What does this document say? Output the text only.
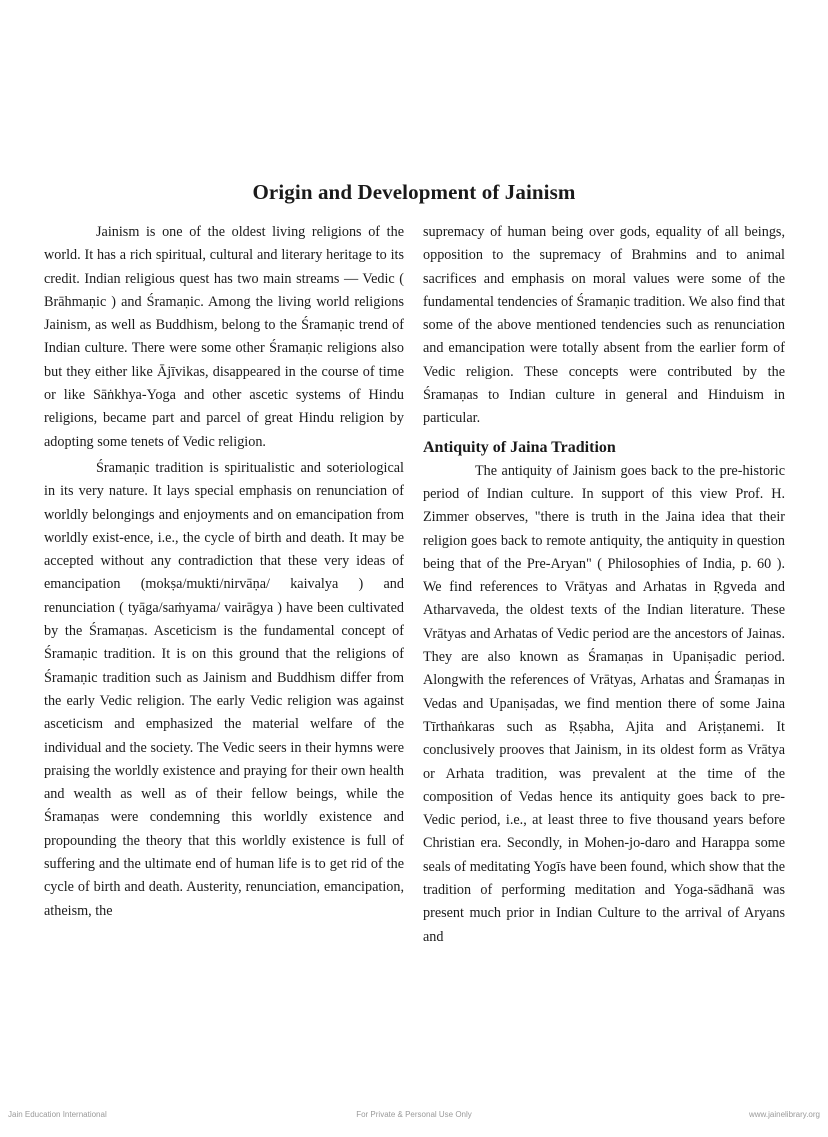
Origin and Development of Jainism

Jainism is one of the oldest living religions of the world. It has a rich spiritual, cultural and literary heritage to its credit. Indian religious quest has two main streams — Vedic ( Brāhmaṇic ) and Śramaṇic. Among the living world religions Jainism, as well as Buddhism, belong to the Śramaṇic trend of Indian culture. There were some other Śramaṇic religions also but they either like Ājīvikas, disappeared in the course of time or like Sāṅkhya-Yoga and other ascetic systems of Hindu religions, became part and parcel of great Hindu religion by adopting some tenets of Vedic religion.

Śramaṇic tradition is spiritualistic and soteriological in its very nature. It lays special emphasis on renunciation of worldly belongings and enjoyments and on emancipation from worldly exist-ence, i.e., the cycle of birth and death. It may be accepted without any contradiction that these very ideas of emancipation (mokṣa/mukti/nirvāṇa/ kaivalya ) and renunciation ( tyāga/saṁyama/ vairāgya ) have been cultivated by the Śramaṇas. Asceticism is the fundamental concept of Śramaṇic tradition. It is on this ground that the religions of Śramaṇic tradition such as Jainism and Buddhism differ from the early Vedic religion. The early Vedic religion was against asceticism and emphasized the material welfare of the individual and the society. The Vedic seers in their hymns were praising the worldly existence and praying for their own health and wealth as well as of their fellow beings, while the Śramaṇas were condemning this worldly existence and propounding the theory that this worldly existence is full of suffering and the ultimate end of human life is to get rid of the cycle of birth and death. Austerity, renunciation, emancipation, atheism, the

supremacy of human being over gods, equality of all beings, opposition to the supremacy of Brahmins and to animal sacrifices and emphasis on moral values were some of the fundamental tendencies of Śramaṇic tradition. We also find that some of the above mentioned tendencies such as renunciation and emancipation were totally absent from the earlier form of Vedic religion. These concepts were contributed by the Śramaṇas to Indian culture in general and Hinduism in particular.

Antiquity of Jaina Tradition

The antiquity of Jainism goes back to the pre-historic period of Indian culture. In support of this view Prof. H. Zimmer observes, "there is truth in the Jaina idea that their religion goes back to remote antiquity, the antiquity in question being that of the Pre-Aryan" ( Philosophies of India, p. 60 ). We find references to Vrātyas and Arhatas in Ṛgveda and Atharvaveda, the oldest texts of the Indian literature. These Vrātyas and Arhatas of Vedic period are the ancestors of Jainas. They are also known as Śramaṇas in Upaniṣadic period. Alongwith the references of Vrātyas, Arhatas and Śramaṇas in Vedas and Upaniṣadas, we find mention there of some Jaina Tīrthaṅkaras such as Ṛṣabha, Ajita and Ariṣṭanemi. It conclusively prooves that Jainism, in its oldest form as Vrātya or Arhata tradition, was prevalent at the time of the composition of Vedas hence its antiquity goes back to pre-Vedic period, i.e., at least three to five thousand years before Christian era. Secondly, in Mohen-jo-daro and Harappa some seals of meditating Yogīs have been found, which show that the tradition of performing meditation and Yoga-sādhanā was present much prior in Indian Culture to the arrival of Aryans and

Jain Education International	For Private & Personal Use Only	www.jainelibrary.org
